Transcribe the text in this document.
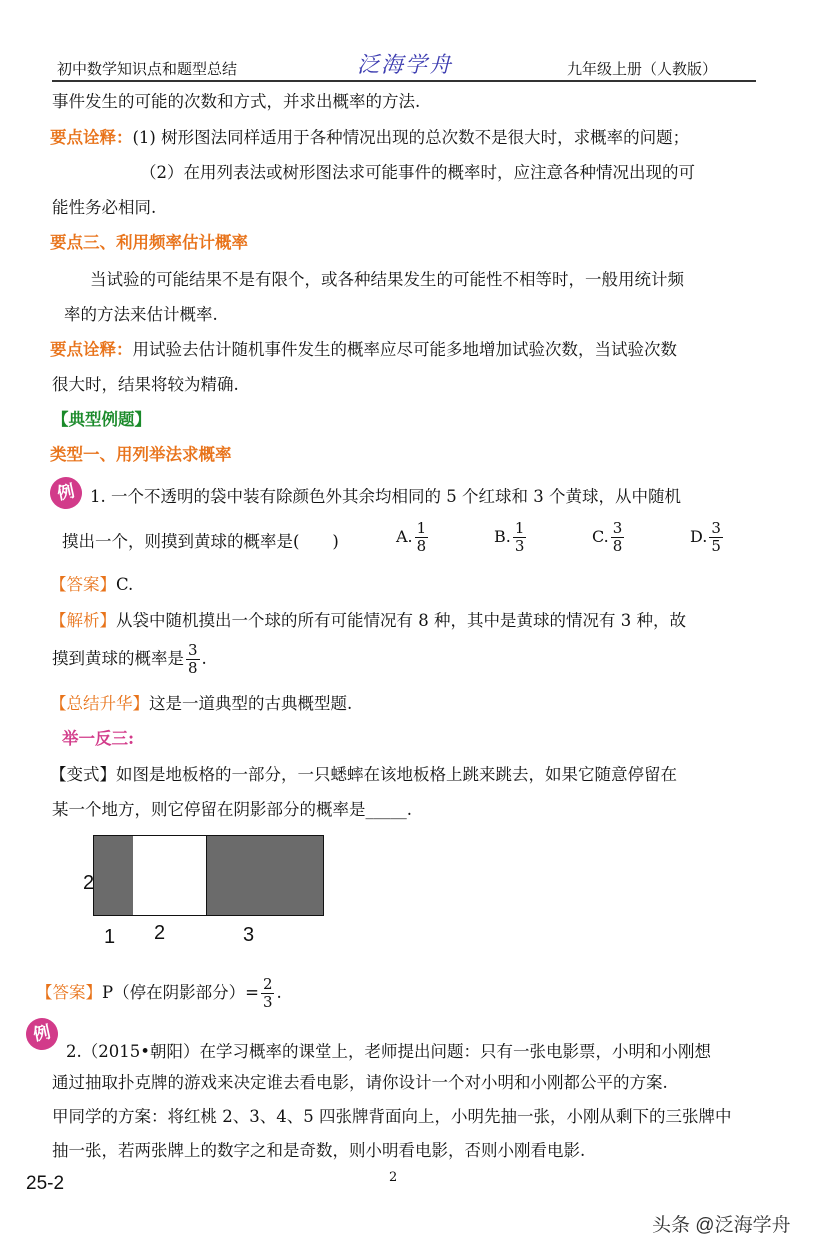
初中数学知识点和题型总结	泛海学舟	九年级上册（人教版）
事件发生的可能的次数和方式，并求出概率的方法.
要点诠释：(1) 树形图法同样适用于各种情况出现的总次数不是很大时，求概率的问题；
（2）在用列表法或树形图法求可能事件的概率时，应注意各种情况出现的可
能性务必相同.
要点三、利用频率估计概率
当试验的可能结果不是有限个，或各种结果发生的可能性不相等时，一般用统计频
率的方法来估计概率.
要点诠释：用试验去估计随机事件发生的概率应尽可能多地增加试验次数，当试验次数
很大时，结果将较为精确.
【典型例题】
类型一、用列举法求概率
例 1. 一个不透明的袋中装有除颜色外其余均相同的 5 个红球和 3 个黄球，从中随机
摸出一个，则摸到黄球的概率是(　　)	A. $\frac{1}{8}$	B. $\frac{1}{3}$	C. $\frac{3}{8}$	D. $\frac{3}{5}$
【答案】C.
【解析】从袋中随机摸出一个球的所有可能情况有 8 种，其中是黄球的情况有 3 种，故
摸到黄球的概率是 $\frac{3}{8}$ .
【总结升华】这是一道典型的古典概型题.
举一反三:
【变式】如图是地板格的一部分，一只蟋蟀在该地板格上跳来跳去，如果它随意停留在
某一个地方，则它停留在阴影部分的概率是_____.
2
1 2	3
【答案】P（停在阴影部分）= $\frac{2}{3}$ .
例
2.（2015•朝阳）在学习概率的课堂上，老师提出问题：只有一张电影票，小明和小刚想
通过抽取扑克牌的游戏来决定谁去看电影，请你设计一个对小明和小刚都公平的方案.
甲同学的方案：将红桃 2、3、4、5 四张牌背面向上，小明先抽一张，小刚从剩下的三张牌中
抽一张，若两张牌上的数字之和是奇数，则小明看电影，否则小刚看电影.
25-2	2
头条 @泛海学舟
